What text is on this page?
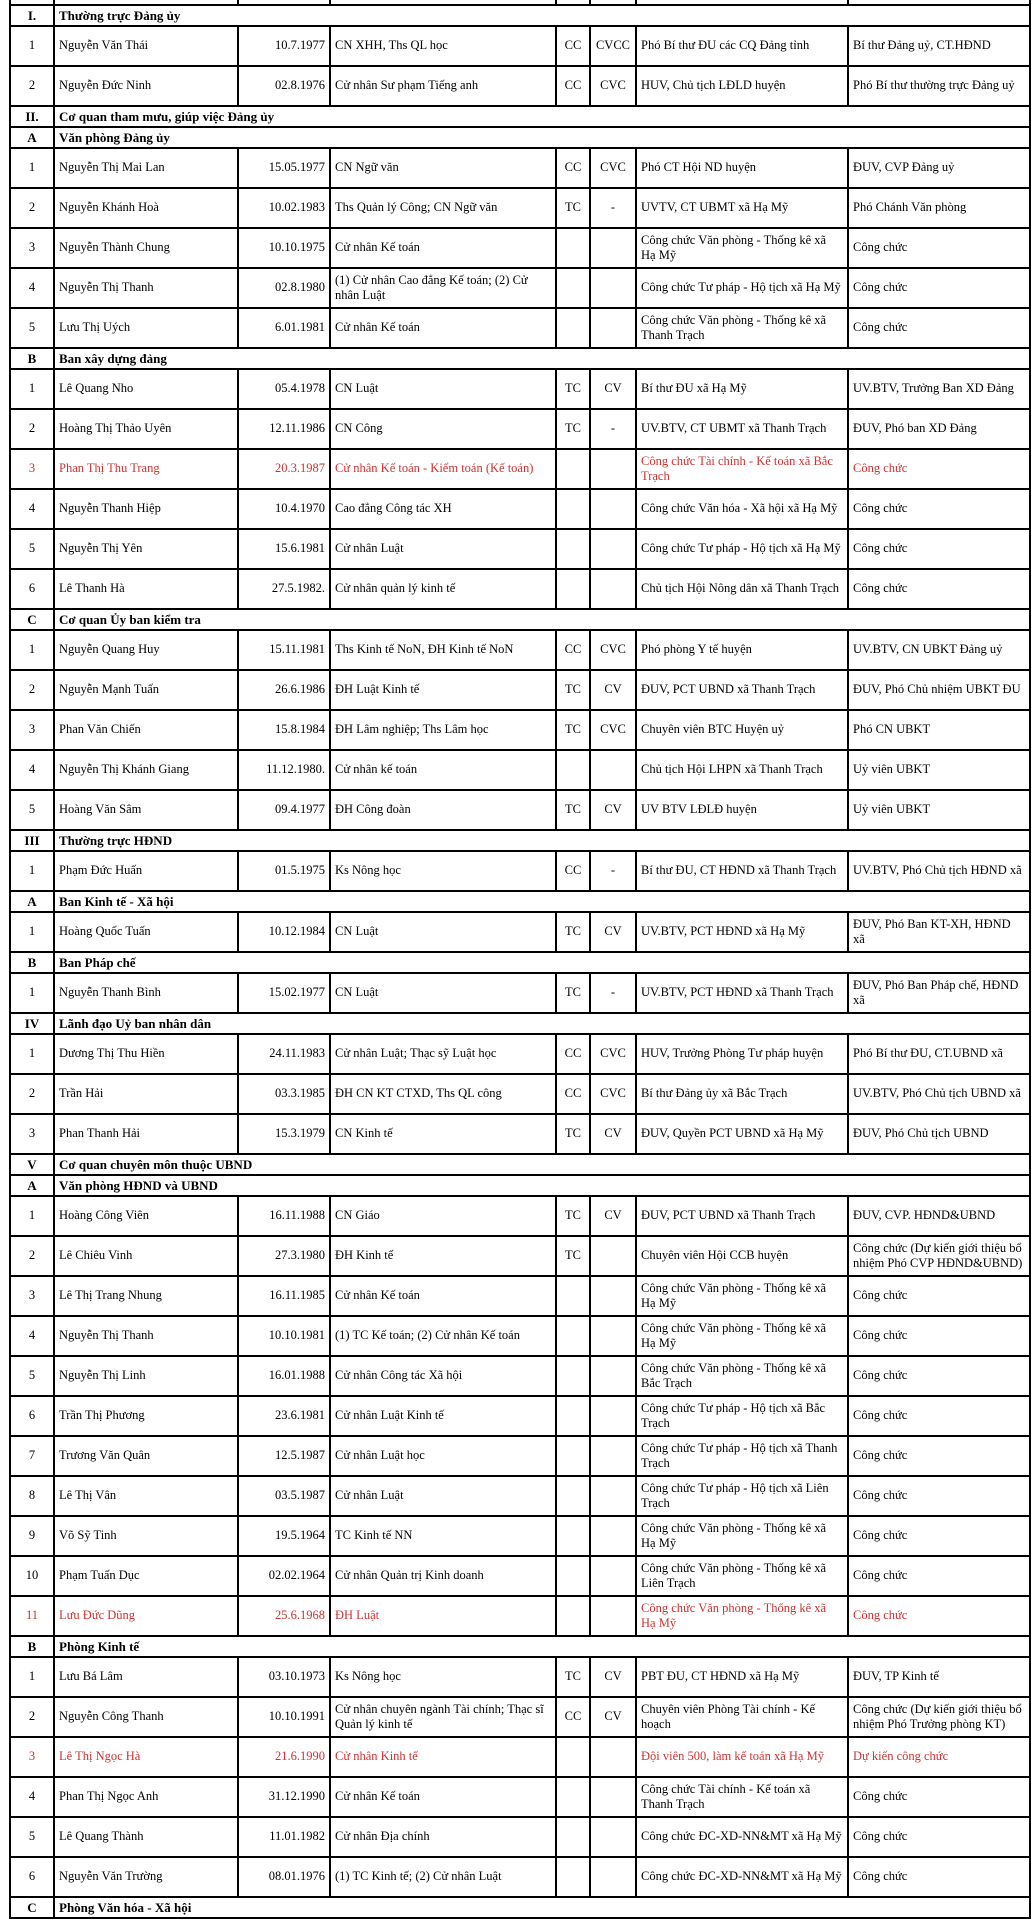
I.	Thường trực Đảng ủy						
1	Nguyễn Văn Thái	10.7.1977	CN XHH, Ths QL học	CC	CVCC	Phó Bí thư ĐU các CQ Đảng tỉnh	Bí thư Đảng uỷ, CT.HĐND
2	Nguyễn Đức Ninh	02.8.1976	Cử nhân Sư phạm Tiếng anh	CC	CVC	HUV, Chủ tịch LĐLD huyện	Phó Bí thư thường trực Đảng uỷ
II.	Cơ quan tham mưu, giúp việc Đảng ủy						
A	Văn phòng Đảng ủy						
1	Nguyễn Thị Mai Lan	15.05.1977	CN Ngữ văn	CC	CVC	Phó CT Hội ND huyện	ĐUV, CVP Đảng uỷ
2	Nguyễn Khánh Hoà	10.02.1983	Ths Quản lý Công; CN Ngữ văn	TC	-	UVTV, CT UBMT xã Hạ Mỹ	Phó Chánh Văn phòng
3	Nguyễn Thành Chung	10.10.1975	Cử nhân Kế toán			Công chức Văn phòng - Thống kê xã Hạ Mỹ	Công chức
4	Nguyễn Thị Thanh	02.8.1980	(1) Cử nhân Cao đẳng Kế toán; (2) Cử nhân Luật			Công chức Tư pháp - Hộ tịch xã Hạ Mỹ	Công chức
5	Lưu Thị Uých	6.01.1981	Cử nhân Kế toán			Công chức Văn phòng - Thống kê xã Thanh Trạch	Công chức
B	Ban xây dựng đảng						
1	Lê Quang Nho	05.4.1978	CN Luật	TC	CV	Bí thư ĐU xã Hạ Mỹ	UV.BTV, Trưởng Ban XD Đảng
2	Hoàng Thị Thảo Uyên	12.11.1986	CN Công	TC	-	UV.BTV, CT UBMT xã Thanh Trạch	ĐUV, Phó ban XD Đảng
3	Phan Thị Thu Trang	20.3.1987	Cử nhân Kế toán - Kiểm toán (Kế toán)			Công chức Tài chính - Kế toán xã Bắc Trạch	Công chức
4	Nguyễn Thanh Hiệp	10.4.1970	Cao đẳng Công tác XH			Công chức Văn hóa - Xã hội xã Hạ Mỹ	Công chức
5	Nguyễn Thị Yên	15.6.1981	Cử nhân Luật			Công chức Tư pháp - Hộ tịch xã Hạ Mỹ	Công chức
6	Lê Thanh Hà	27.5.1982.	Cử nhân quản lý kinh tế			Chủ tịch Hội Nông dân xã Thanh Trạch	Công chức
C	Cơ quan Ủy ban kiểm tra						
1	Nguyễn Quang Huy	15.11.1981	Ths Kinh tế NoN, ĐH Kinh tế NoN	CC	CVC	Phó phòng Y tế huyện	UV.BTV, CN UBKT Đảng uỷ
2	Nguyễn Mạnh Tuấn	26.6.1986	ĐH Luật Kinh tế	TC	CV	ĐUV, PCT UBND xã Thanh Trạch	ĐUV, Phó Chủ nhiệm UBKT ĐU
3	Phan Văn Chiến	15.8.1984	ĐH Lâm nghiệp; Ths Lâm học	TC	CVC	Chuyên viên BTC Huyện uỷ	Phó CN UBKT
4	Nguyễn Thị Khánh Giang	11.12.1980.	Cử nhân kế toán			Chủ tịch Hội LHPN xã Thanh Trạch	Uỷ viên UBKT
5	Hoàng Văn Sâm	09.4.1977	ĐH Công đoàn	TC	CV	UV BTV LĐLĐ huyện	Uỷ viên UBKT
III	Thường trực HĐND						
1	Phạm Đức Huấn	01.5.1975	Ks Nông học	CC	-	Bí thư ĐU, CT HĐND xã Thanh Trạch	UV.BTV, Phó Chủ tịch HĐND xã
A	Ban Kinh tế - Xã hội						
1	Hoàng Quốc Tuấn	10.12.1984	CN Luật	TC	CV	UV.BTV, PCT HĐND xã Hạ Mỹ	ĐUV, Phó Ban KT-XH, HĐND xã
B	Ban Pháp chế						
1	Nguyễn Thanh Bình	15.02.1977	CN Luật	TC	-	UV.BTV, PCT HĐND xã Thanh Trạch	ĐUV, Phó Ban Pháp chế, HĐND xã
IV	Lãnh đạo Uỷ ban nhân dân						
1	Dương Thị Thu Hiền	24.11.1983	Cử nhân Luật; Thạc sỹ Luật học	CC	CVC	HUV, Trưởng Phòng Tư pháp huyện	Phó Bí thư ĐU, CT.UBND xã
2	Trần Hải	03.3.1985	ĐH CN KT CTXD, Ths QL công	CC	CVC	Bí thư Đảng ủy xã Bắc Trạch	UV.BTV, Phó Chủ tịch UBND xã
3	Phan Thanh Hải	15.3.1979	CN Kinh tế	TC	CV	ĐUV, Quyền PCT UBND xã Hạ Mỹ	ĐUV, Phó Chủ tịch UBND
V	Cơ quan chuyên môn thuộc UBND						
A	Văn phòng HĐND và UBND						
1	Hoàng Công Viên	16.11.1988	CN Giáo	TC	CV	ĐUV, PCT UBND xã Thanh Trạch	ĐUV, CVP. HĐND&UBND
2	Lê Chiêu Vinh	27.3.1980	ĐH Kinh tế	TC		Chuyên viên Hội CCB huyện	Công chức (Dự kiến giới thiệu bổ nhiệm Phó CVP HĐND&UBND)
3	Lê Thị Trang Nhung	16.11.1985	Cử nhân Kế toán			Công chức Văn phòng - Thống kê xã Hạ Mỹ	Công chức
4	Nguyễn Thị Thanh	10.10.1981	(1) TC Kế toán; (2) Cử nhân Kế toán			Công chức Văn phòng - Thống kê xã Hạ Mỹ	Công chức
5	Nguyễn Thị Linh	16.01.1988	Cử nhân Công tác Xã hội			Công chức Văn phòng - Thống kê xã Bắc Trạch	Công chức
6	Trần Thị Phương	23.6.1981	Cử nhân Luật Kinh tế			Công chức Tư pháp - Hộ tịch xã Bắc Trạch	Công chức
7	Trương Văn Quân	12.5.1987	Cử nhân Luật học			Công chức Tư pháp - Hộ tịch xã Thanh Trạch	Công chức
8	Lê Thị Vân	03.5.1987	Cử nhân Luật			Công chức Tư pháp - Hộ tịch xã Liên Trạch	Công chức
9	Võ Sỹ Tinh	19.5.1964	TC Kinh tế NN			Công chức Văn phòng - Thống kê xã Hạ Mỹ	Công chức
10	Phạm Tuấn Dục	02.02.1964	Cử nhân Quản trị Kinh doanh			Công chức Văn phòng - Thống kê xã Liên Trạch	Công chức
11	Lưu Đức Dũng	25.6.1968	ĐH Luật			Công chức Văn phòng - Thống kê xã Hạ Mỹ	Công chức
B	Phòng Kinh tế						
1	Lưu Bá Lâm	03.10.1973	Ks Nông học	TC	CV	PBT ĐU, CT HĐND xã Hạ Mỹ	ĐUV, TP Kinh tế
2	Nguyễn Công Thanh	10.10.1991	Cử nhân chuyên ngành Tài chính; Thạc sĩ Quản lý kinh tế	CC	CV	Chuyên viên Phòng Tài chính - Kế hoạch	Công chức (Dự kiến giới thiệu bổ nhiệm Phó Trưởng phòng KT)
3	Lê Thị Ngọc Hà	21.6.1990	Cử nhân Kinh tế			Đội viên 500, làm kế toán xã Hạ Mỹ	Dự kiến công chức
4	Phan Thị Ngọc Anh	31.12.1990	Cử nhân Kế toán			Công chức Tài chính - Kế toán xã Thanh Trạch	Công chức
5	Lê Quang Thành	11.01.1982	Cử nhân Địa chính			Công chức ĐC-XD-NN&MT xã Hạ Mỹ	Công chức
6	Nguyễn Văn Trường	08.01.1976	(1) TC Kinh tế; (2) Cử nhân Luật			Công chức ĐC-XD-NN&MT xã Hạ Mỹ	Công chức
C	Phòng Văn hóa - Xã hội						
